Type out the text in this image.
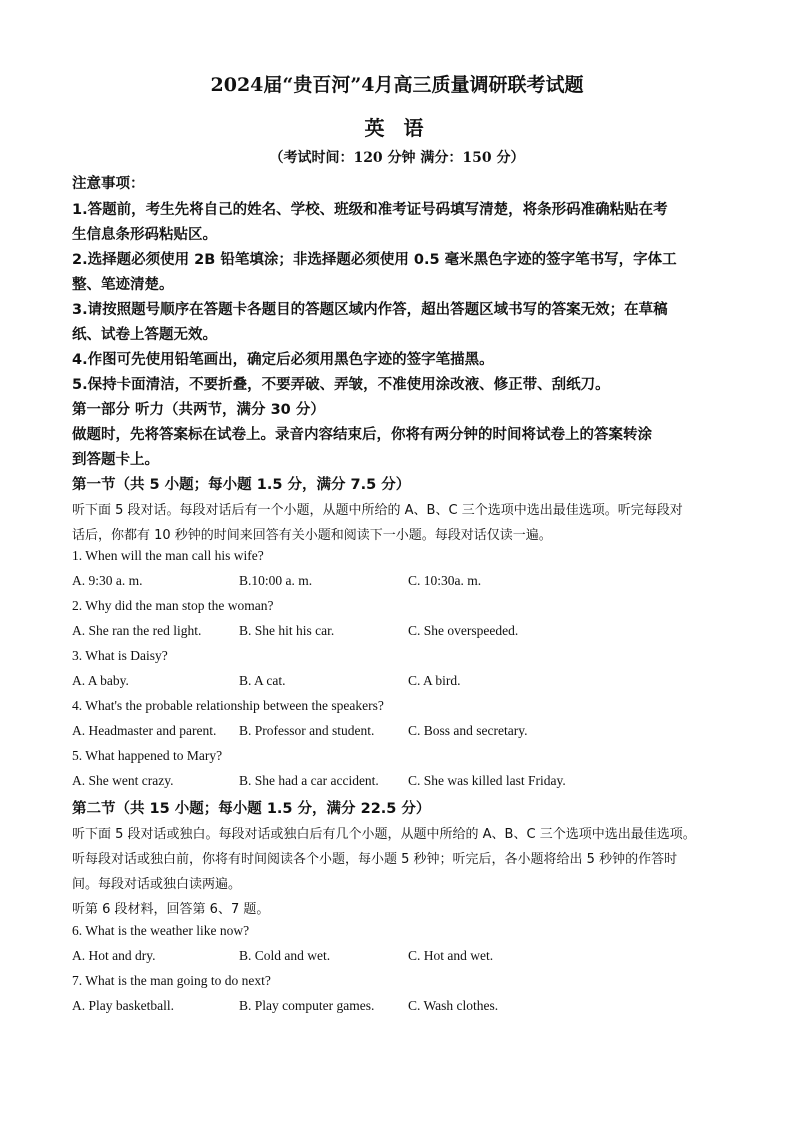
2024届“贵百河”4月高三质量调研联考试题
英 语
（考试时间：120 分钟 满分：150 分）
注意事项：
1.答题前，考生先将自己的姓名、学校、班级和准考证号码填写清楚，将条形码准确粘贴在考
生信息条形码粘贴区。
2.选择题必须使用 2B 铅笔填涂；非选择题必须使用 0.5 毫米黑色字迹的签字笔书写，字体工
整、笔迹清楚。
3.请按照题号顺序在答题卡各题目的答题区域内作答，超出答题区域书写的答案无效；在草稿
纸、试卷上答题无效。
4.作图可先使用铅笔画出，确定后必须用黑色字迹的签字笔描黑。
5.保持卡面清洁，不要折叠，不要弄破、弄皱，不准使用涂改液、修正带、刮纸刀。
第一部分 听力（共两节，满分 30 分）
做题时，先将答案标在试卷上。录音内容结束后，你将有两分钟的时间将试卷上的答案转涂
到答题卡上。
第一节（共 5 小题；每小题 1.5 分，满分 7.5 分）
听下面 5 段对话。每段对话后有一个小题，从题中所给的 A、B、C 三个选项中选出最佳选项。听完每段对
话后，你都有 10 秒钟的时间来回答有关小题和阅读下一小题。每段对话仅读一遍。
1. When will the man call his wife?
A. 9:30 a. m.	B.10:00 a. m.	C. 10:30a. m.
2. Why did the man stop the woman?
A. She ran the red light.	B. She hit his car.	C. She overspeeded.
3. What is Daisy?
A. A baby.	B. A cat.	C. A bird.
4. What's the probable relationship between the speakers?
A. Headmaster and parent. B. Professor and student. C. Boss and secretary.
5. What happened to Mary?
A. She went crazy.	B. She had a car accident. C. She was killed last Friday.
第二节（共 15 小题；每小题 1.5 分，满分 22.5 分）
听下面 5 段对话或独白。每段对话或独白后有几个小题，从题中所给的 A、B、C 三个选项中选出最佳选项。
听每段对话或独白前，你将有时间阅读各个小题，每小题 5 秒钟；听完后，各小题将给出 5 秒钟的作答时
间。每段对话或独白读两遍。
听第 6 段材料，回答第 6、7 题。
6. What is the weather like now?
A. Hot and dry.	B. Cold and wet.	C. Hot and wet.
7. What is the man going to do next?
A. Play basketball.	B. Play computer games. C. Wash clothes.
